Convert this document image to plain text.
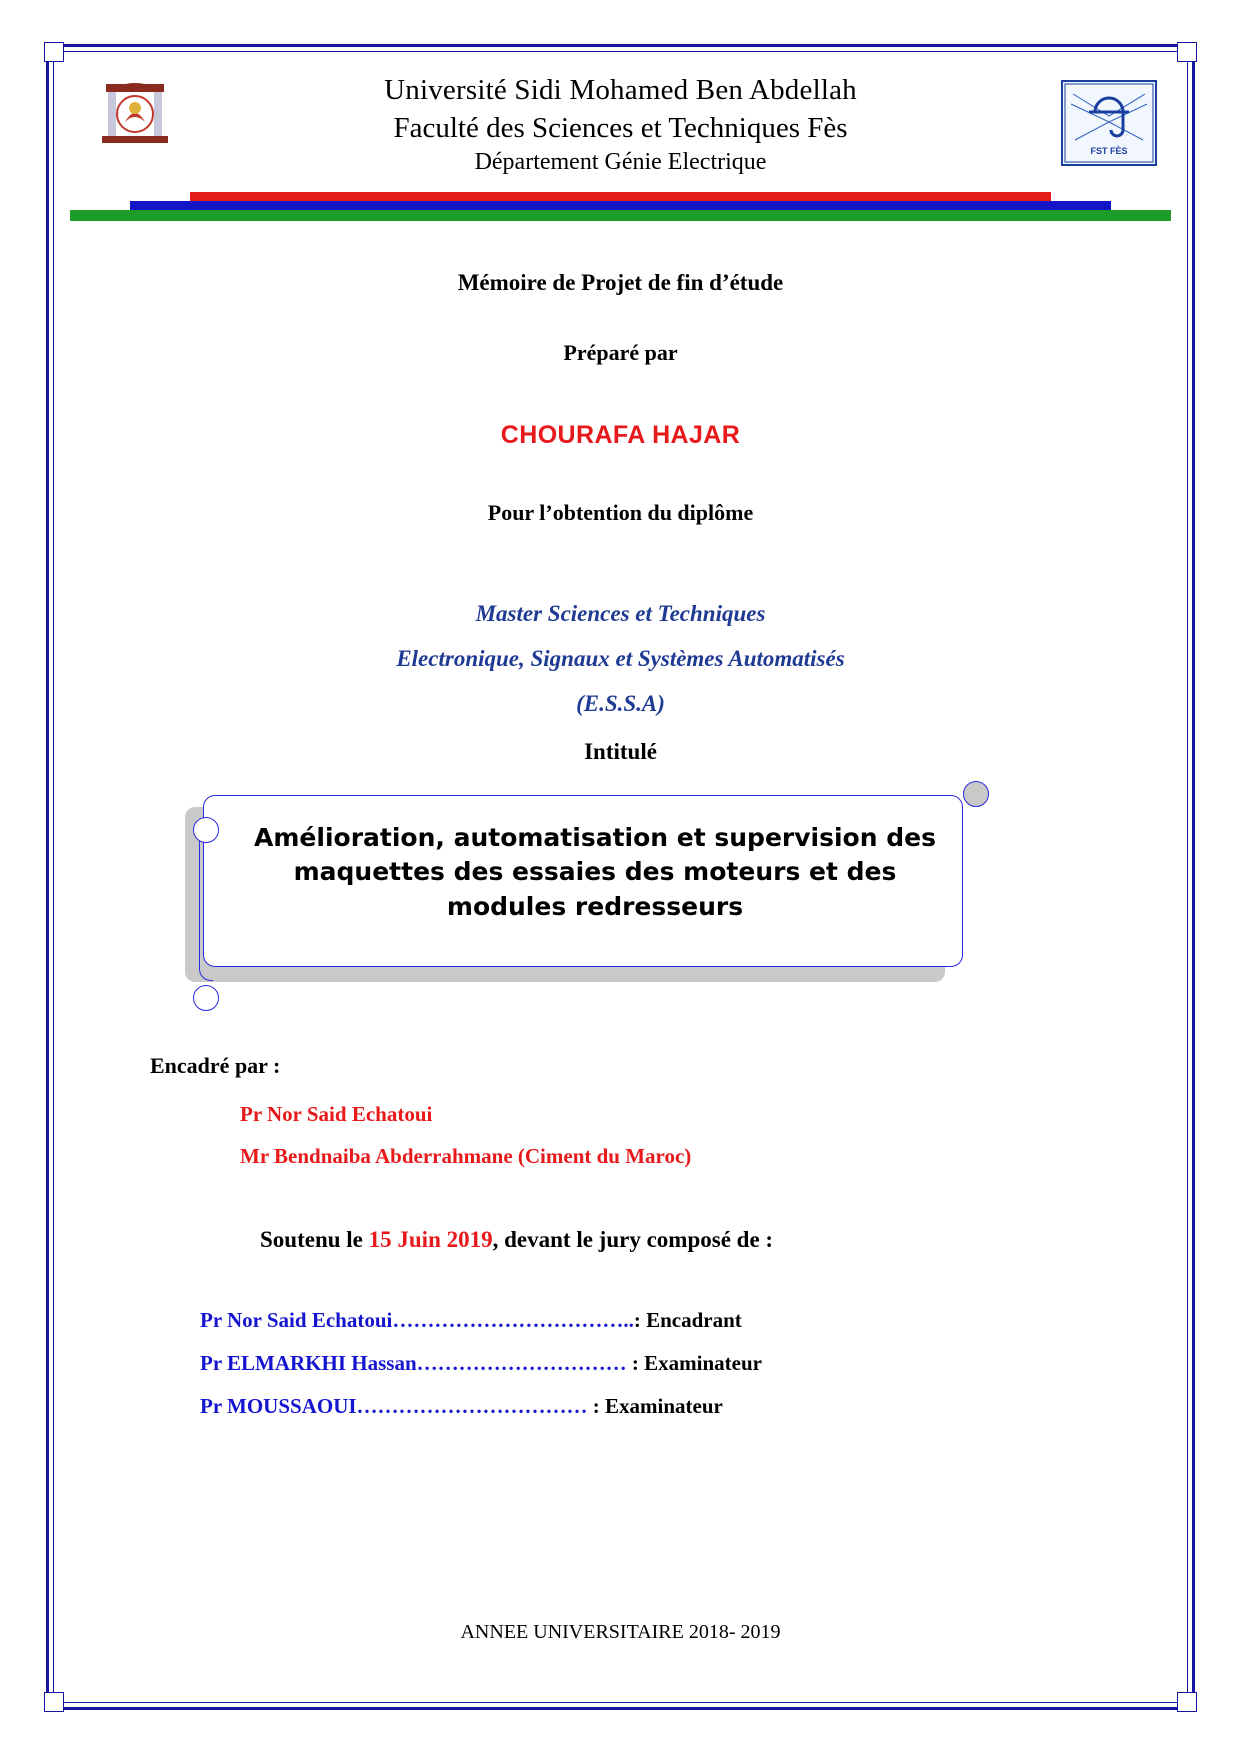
Université Sidi Mohamed Ben Abdellah
Faculté des Sciences et Techniques Fès
Département Génie Electrique	FST FÈS
Mémoire de Projet de fin d’étude
Préparé par
CHOURAFA HAJAR
Pour l’obtention du diplôme
Master Sciences et Techniques
Electronique, Signaux et Systèmes Automatisés
(E.S.S.A)
Intitulé
Amélioration, automatisation et supervision des maquettes des essaies des moteurs et des modules redresseurs
Encadré par :
Pr Nor Said Echatoui
Mr Bendnaiba Abderrahmane (Ciment du Maroc)
Soutenu le 15 Juin 2019, devant le jury composé de :
Pr Nor Said Echatoui……………………………..: Encadrant
Pr ELMARKHI Hassan………………………… : Examinateur
Pr MOUSSAOUI…………………………… : Examinateur
ANNEE UNIVERSITAIRE 2018- 2019
